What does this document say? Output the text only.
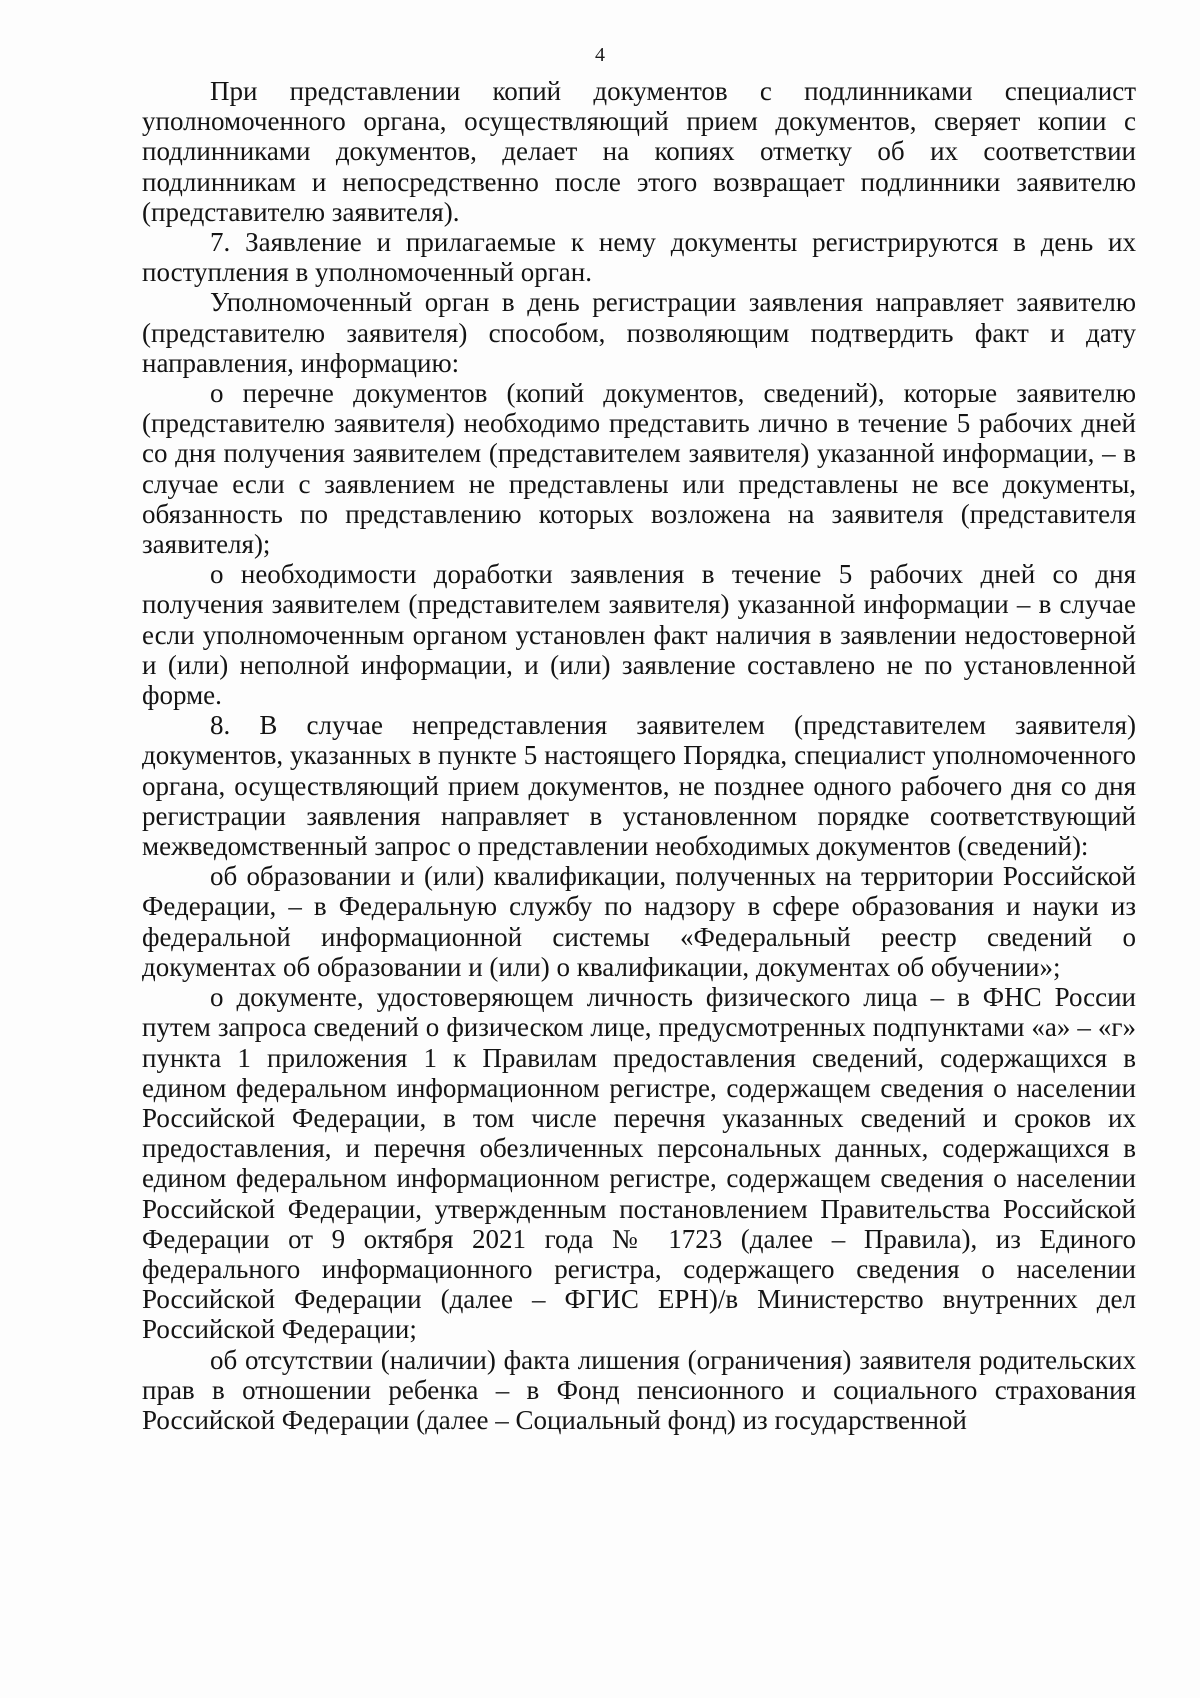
4

При представлении копий документов с подлинниками специалист уполномоченного органа, осуществляющий прием документов, сверяет копии с подлинниками документов, делает на копиях отметку об их соответствии подлинникам и непосредственно после этого возвращает подлинники заявителю (представителю заявителя).

7. Заявление и прилагаемые к нему документы регистрируются в день их поступления в уполномоченный орган.

Уполномоченный орган в день регистрации заявления направляет заявителю (представителю заявителя) способом, позволяющим подтвердить факт и дату направления, информацию:

о перечне документов (копий документов, сведений), которые заявителю (представителю заявителя) необходимо представить лично в течение 5 рабочих дней со дня получения заявителем (представителем заявителя) указанной информации, – в случае если с заявлением не представлены или представлены не все документы, обязанность по представлению которых возложена на заявителя (представителя заявителя);

о необходимости доработки заявления в течение 5 рабочих дней со дня получения заявителем (представителем заявителя) указанной информации – в случае если уполномоченным органом установлен факт наличия в заявлении недостоверной и (или) неполной информации, и (или) заявление составлено не по установленной форме.

8. В случае непредставления заявителем (представителем заявителя) документов, указанных в пункте 5 настоящего Порядка, специалист уполномоченного органа, осуществляющий прием документов, не позднее одного рабочего дня со дня регистрации заявления направляет в установленном порядке соответствующий межведомственный запрос о представлении необходимых документов (сведений):

об образовании и (или) квалификации, полученных на территории Российской Федерации, – в Федеральную службу по надзору в сфере образования и науки из федеральной информационной системы «Федеральный реестр сведений о документах об образовании и (или) о квалификации, документах об обучении»;

о документе, удостоверяющем личность физического лица – в ФНС России путем запроса сведений о физическом лице, предусмотренных подпунктами «а» – «г» пункта 1 приложения 1 к Правилам предоставления сведений, содержащихся в едином федеральном информационном регистре, содержащем сведения о населении Российской Федерации, в том числе перечня указанных сведений и сроков их предоставления, и перечня обезличенных персональных данных, содержащихся в едином федеральном информационном регистре, содержащем сведения о населении Российской Федерации, утвержденным постановлением Правительства Российской Федерации от 9 октября 2021 года № 1723 (далее – Правила), из Единого федерального информационного регистра, содержащего сведения о населении Российской Федерации (далее – ФГИС ЕРН)/в Министерство внутренних дел Российской Федерации;

об отсутствии (наличии) факта лишения (ограничения) заявителя родительских прав в отношении ребенка – в Фонд пенсионного и социального страхования Российской Федерации (далее – Социальный фонд) из государственной
